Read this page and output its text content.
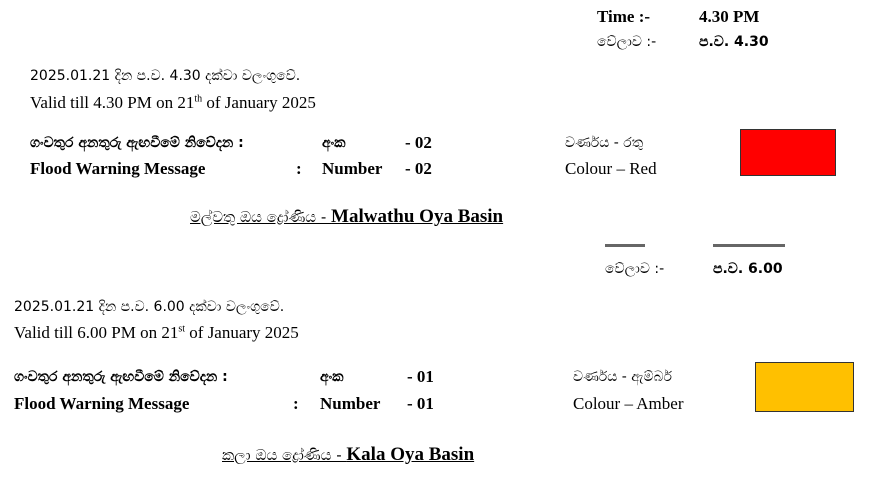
Time :-	4.30 PM
වේලාව :-	ප.ව. 4.30
2025.01.21 දින ප.ව. 4.30 දක්වා වලංගුවේ.
Valid till 4.30 PM on 21th of January 2025
ගංවතුර අනතුරු ඇඟවීමේ නිවේදන :	අංක	- 02	වර්ණය - රතු
Flood Warning Message	: Number - 02	Colour – Red
මල්වතු ඔය ද්‍රෝණිය - Malwathu Oya Basin
වේලාව :-	ප.ව. 6.00
2025.01.21 දින ප.ව. 6.00 දක්වා වලංගුවේ.
Valid till 6.00 PM on 21st of January 2025
ගංවතුර අනතුරු ඇඟවීමේ නිවේදන :	අංක	- 01	වර්ණය - ඇම්බර්
Flood Warning Message	: Number - 01	Colour – Amber
කලා ඔය ද්‍රෝණිය - Kala Oya Basin
